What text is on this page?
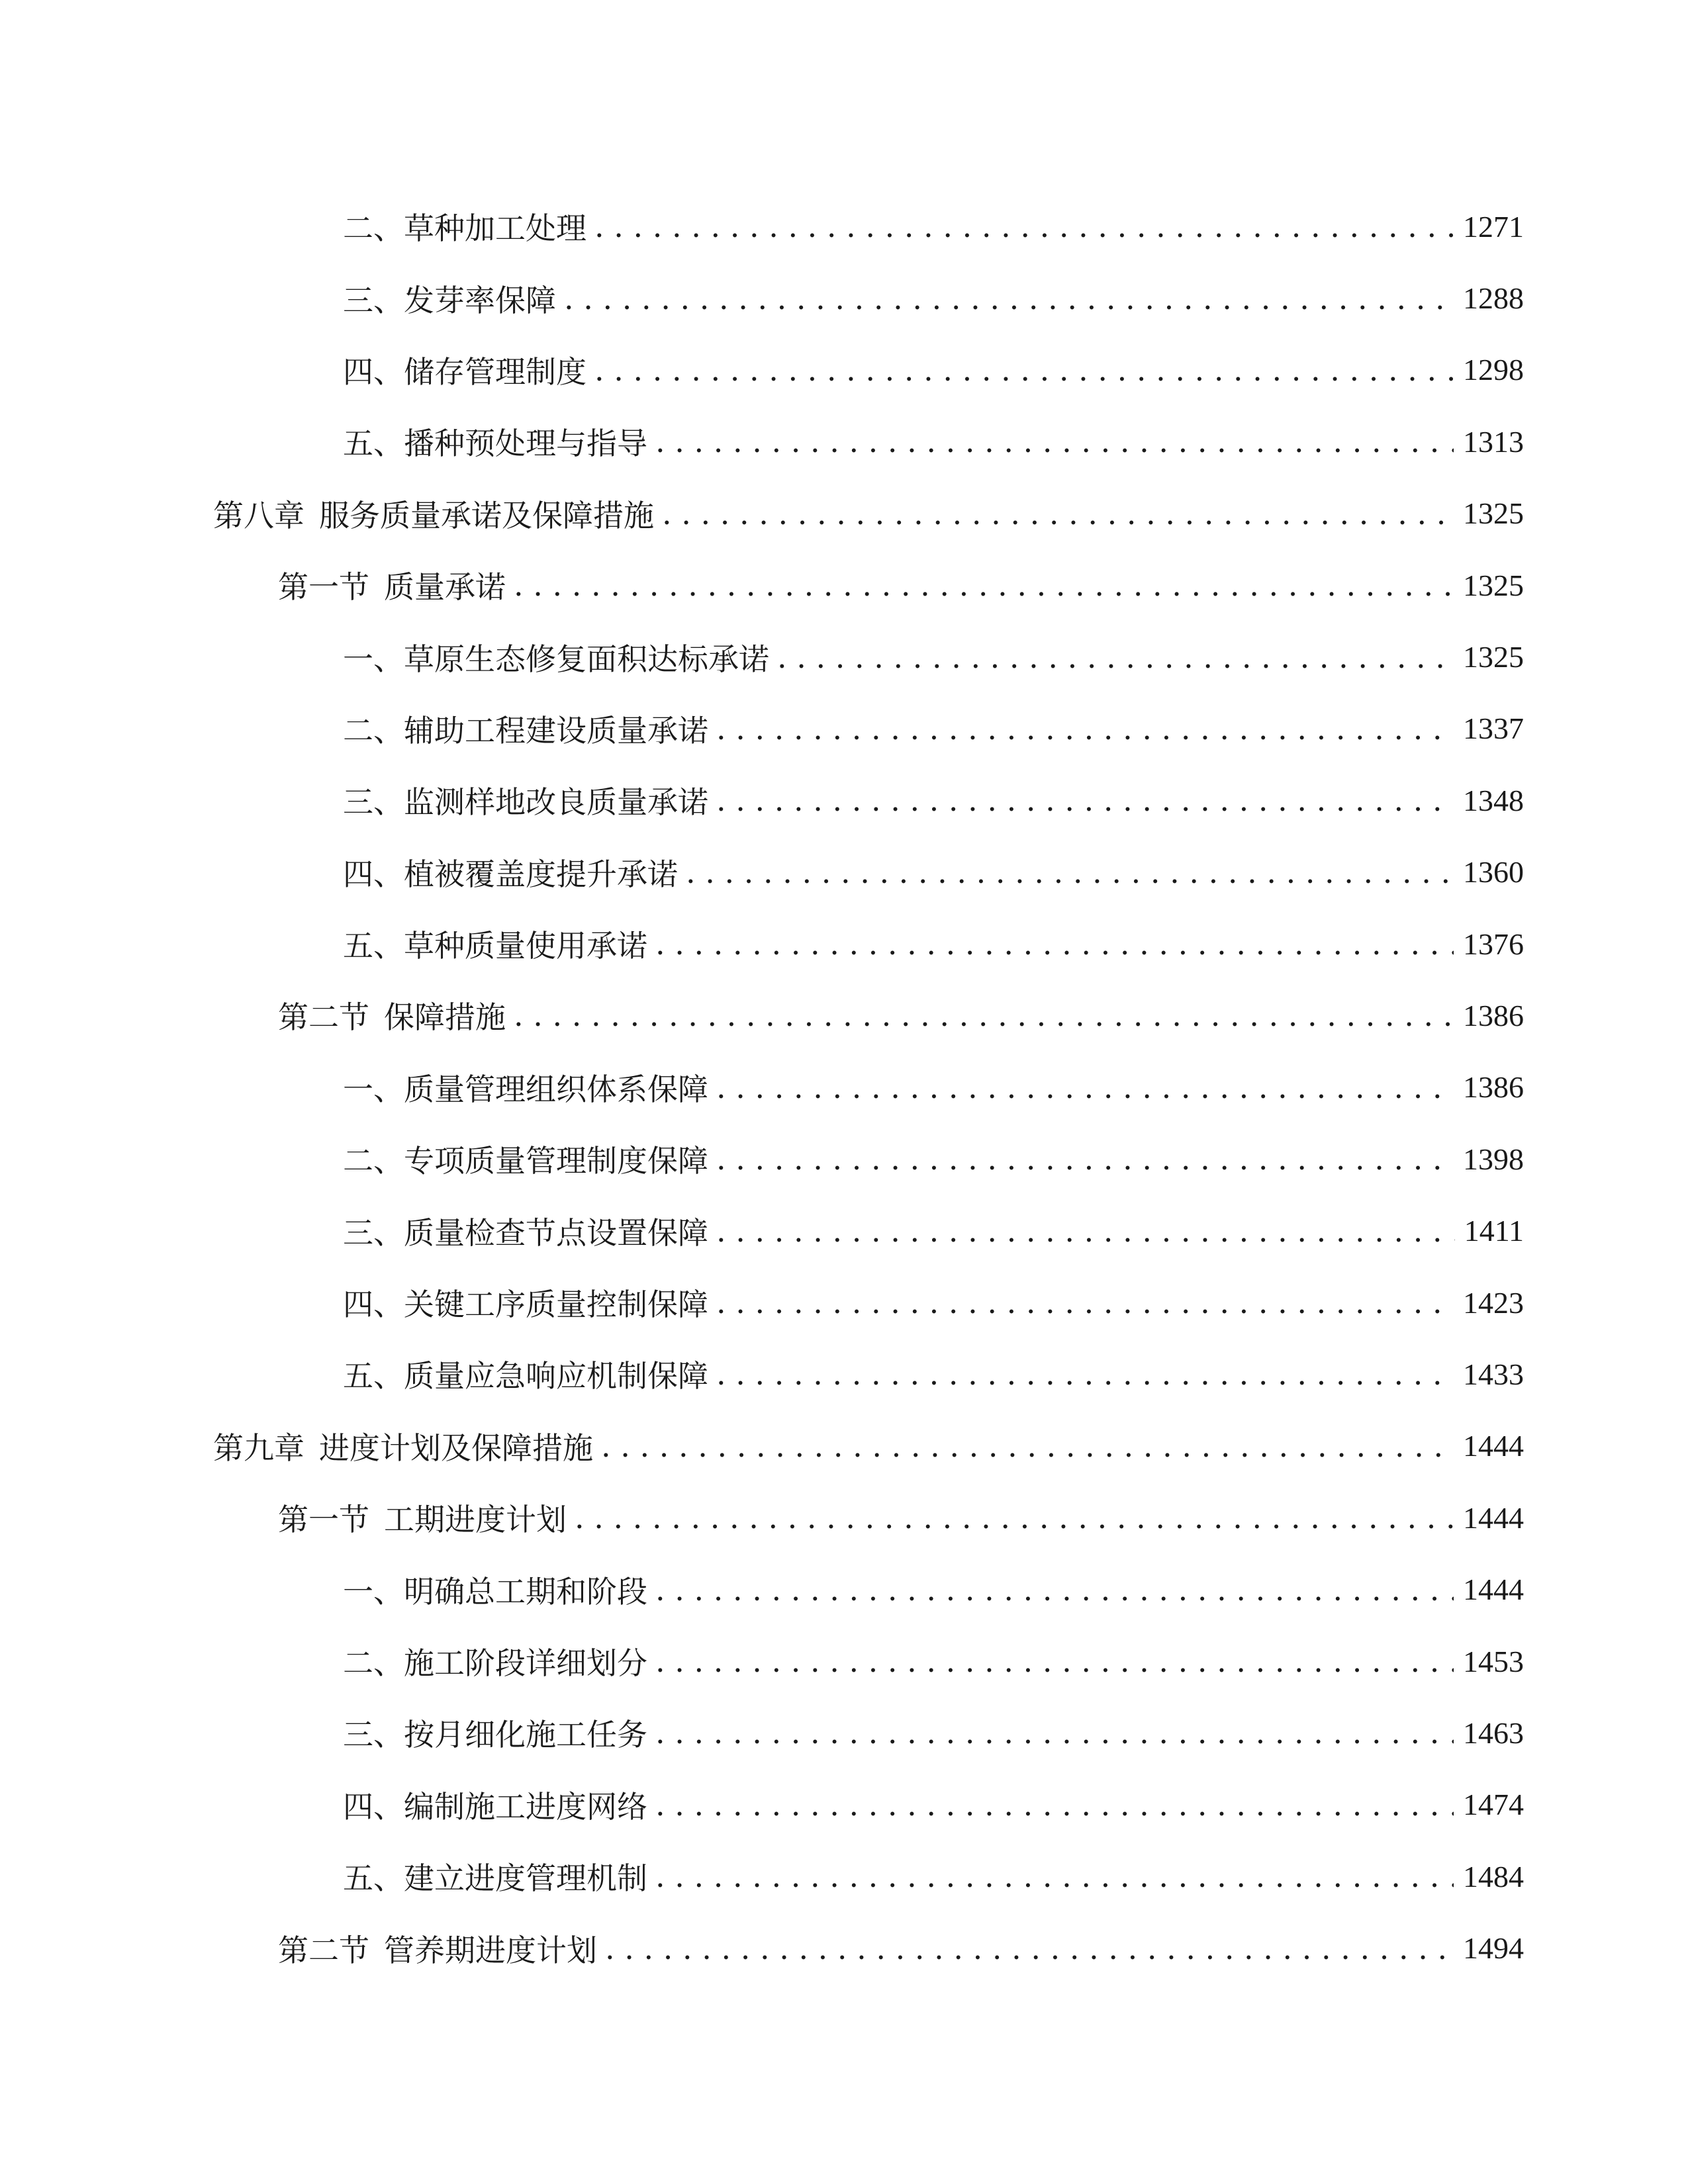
二、 草种加工处理 . . .	1271
三、 发芽率保障 . . .	1288
四、 储存管理制度 . . .	1298
五、 播种预处理与指导 . . .	1313
第八章 服务质量承诺及保障措施 . . .	1325
第一节 质量承诺 . . .	1325
一、 草原生态修复面积达标承诺 . . .	1325
二、 辅助工程建设质量承诺 . . .	1337
三、 监测样地改良质量承诺 . . .	1348
四、 植被覆盖度提升承诺 . . .	1360
五、 草种质量使用承诺 . . .	1376
第二节 保障措施 . . .	1386
一、 质量管理组织体系保障 . . .	1386
二、 专项质量管理制度保障 . . .	1398
三、 质量检查节点设置保障 . . .	1411
四、 关键工序质量控制保障 . . .	1423
五、 质量应急响应机制保障 . . .	1433
第九章 进度计划及保障措施 . . .	1444
第一节 工期进度计划 . . .	1444
一、 明确总工期和阶段 . . .	1444
二、 施工阶段详细划分 . . .	1453
三、 按月细化施工任务 . . .	1463
四、 编制施工进度网络 . . .	1474
五、 建立进度管理机制 . . .	1484
第二节 管养期进度计划 . . .	1494
